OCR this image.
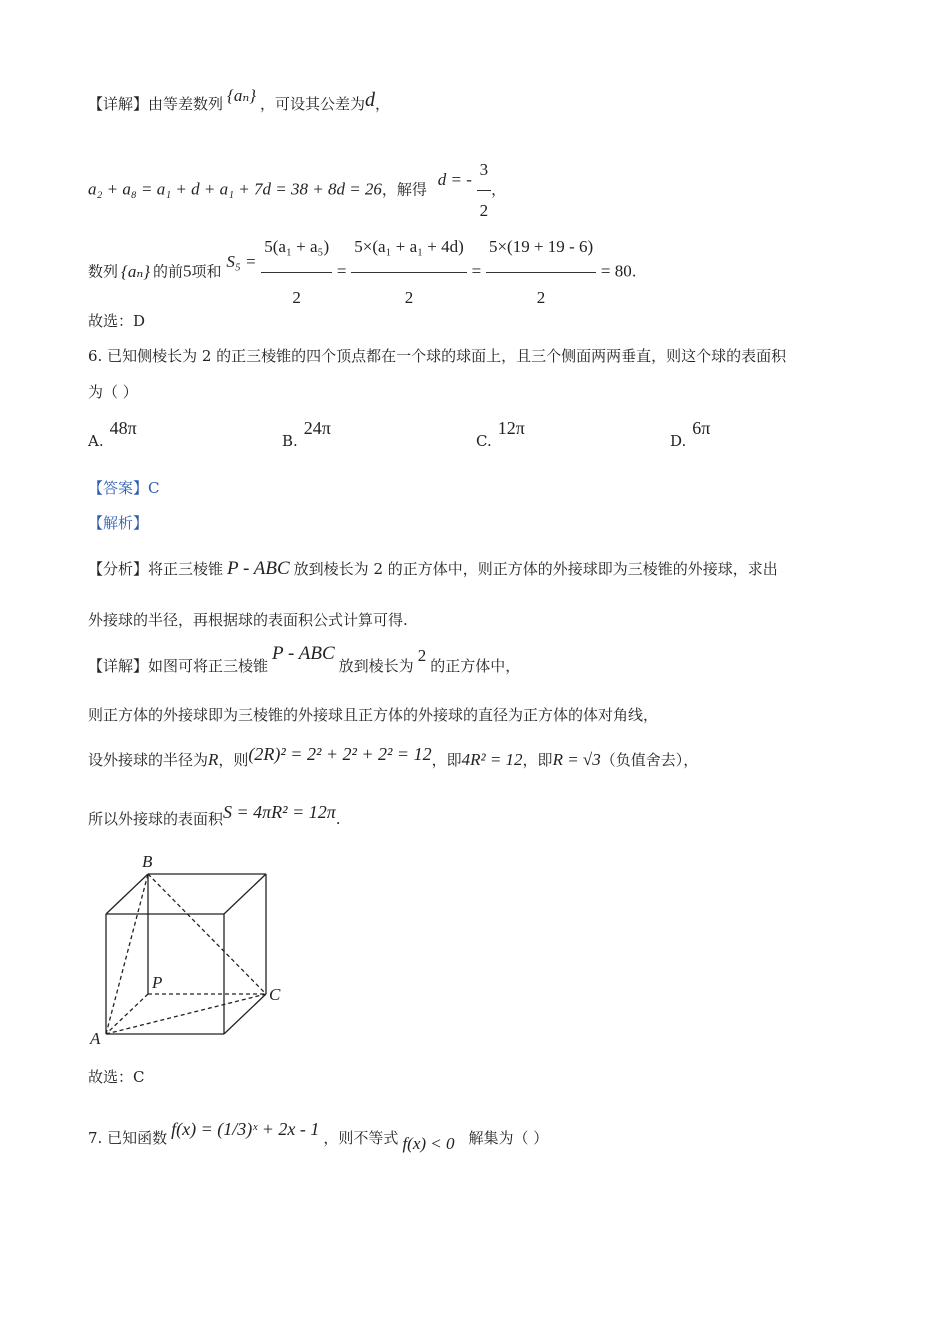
【详解】由等差数列 {aₙ} ，可设其公差为d，
a₂ + a₈ = a₁ + d + a₁ + 7d = 38 + 8d = 26，解得 d = - $\frac{3}{2}$ ，
数列 {aₙ} 的前5项和 $S_5 = \frac{\text{5(a₁ + a₅)}}{2} = \frac{\text{5×(a₁ + a₁ + 4d)}}{2} = \frac{5\times(19 + 19 - 6)}{2} = 80$.
故选：D
6. 已知侧棱长为 2 的正三棱锥的四个顶点都在一个球的球面上，且三个侧面两两垂直，则这个球的表面积
为（ ）
A.48π
B.24π
C.12π
D.6π
【答案】C
【解析】
【分析】将正三棱锥 P - ABC 放到棱长为 2 的正方体中，则正方体的外接球即为三棱锥的外接球，求出
外接球的半径，再根据球的表面积公式计算可得.
【详解】如图可将正三棱锥P - ABC放到棱长为2的正方体中，
则正方体的外接球即为三棱锥的外接球且正方体的外接球的直径为正方体的体对角线，
设外接球的半径为R，则(2R)² = 2² + 2² + 2² = 12，即4R² = 12，即R = √3（负值舍去），
所以外接球的表面积S = 4πR² = 12π.
B
P
C
A
故选：C
7. 已知函数 f(x) = (1/3)ˣ + 2x - 1 ，则不等式 f(x) < 0 解集为（ ）
